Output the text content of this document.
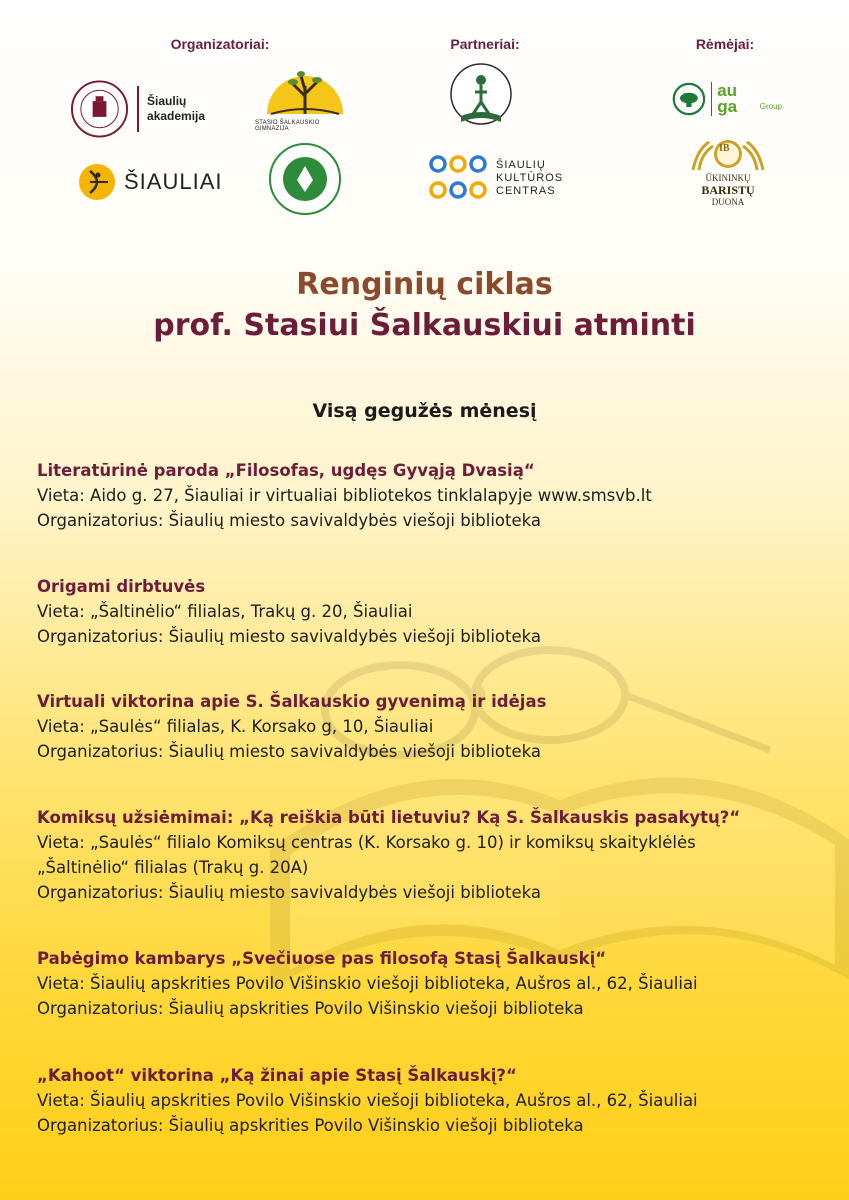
Organizatoriai:	Partneriai:	Rėmėjai:
Šiaulių akademija	STASIO ŠALKAUSKIO GIMNAZIJA
ŠIAULIAI
ŠIAULIŲ
KULTŪROS
CENTRAS
au ga	Group
IB
ŪKININKŲ
BARISTŲ
DUONA
Renginių ciklas
prof. Stasiui Šalkauskiui atminti
Visą gegužės mėnesį
Literatūrinė paroda „Filosofas, ugdęs Gyvąją Dvasią“
Vieta: Aido g. 27, Šiauliai ir virtualiai bibliotekos tinklalapyje www.smsvb.lt
Organizatorius: Šiaulių miesto savivaldybės viešoji biblioteka
Origami dirbtuvės
Vieta: „Šaltinėlio“ filialas, Trakų g. 20, Šiauliai
Organizatorius: Šiaulių miesto savivaldybės viešoji biblioteka
Virtuali viktorina apie S. Šalkauskio gyvenimą ir idėjas
Vieta: „Saulės“ filialas, K. Korsako g, 10, Šiauliai
Organizatorius: Šiaulių miesto savivaldybės viešoji biblioteka
Komiksų užsiėmimai: „Ką reiškia būti lietuviu? Ką S. Šalkauskis pasakytų?“
Vieta: „Saulės“ filialo Komiksų centras (K. Korsako g. 10) ir komiksų skaityklėlės
„Šaltinėlio“ filialas (Trakų g. 20A)
Organizatorius: Šiaulių miesto savivaldybės viešoji biblioteka
Pabėgimo kambarys „Svečiuose pas filosofą Stasį Šalkauskį“
Vieta: Šiaulių apskrities Povilo Višinskio viešoji biblioteka, Aušros al., 62, Šiauliai
Organizatorius: Šiaulių apskrities Povilo Višinskio viešoji biblioteka
„Kahoot“ viktorina „Ką žinai apie Stasį Šalkauskį?“
Vieta: Šiaulių apskrities Povilo Višinskio viešoji biblioteka, Aušros al., 62, Šiauliai
Organizatorius: Šiaulių apskrities Povilo Višinskio viešoji biblioteka
